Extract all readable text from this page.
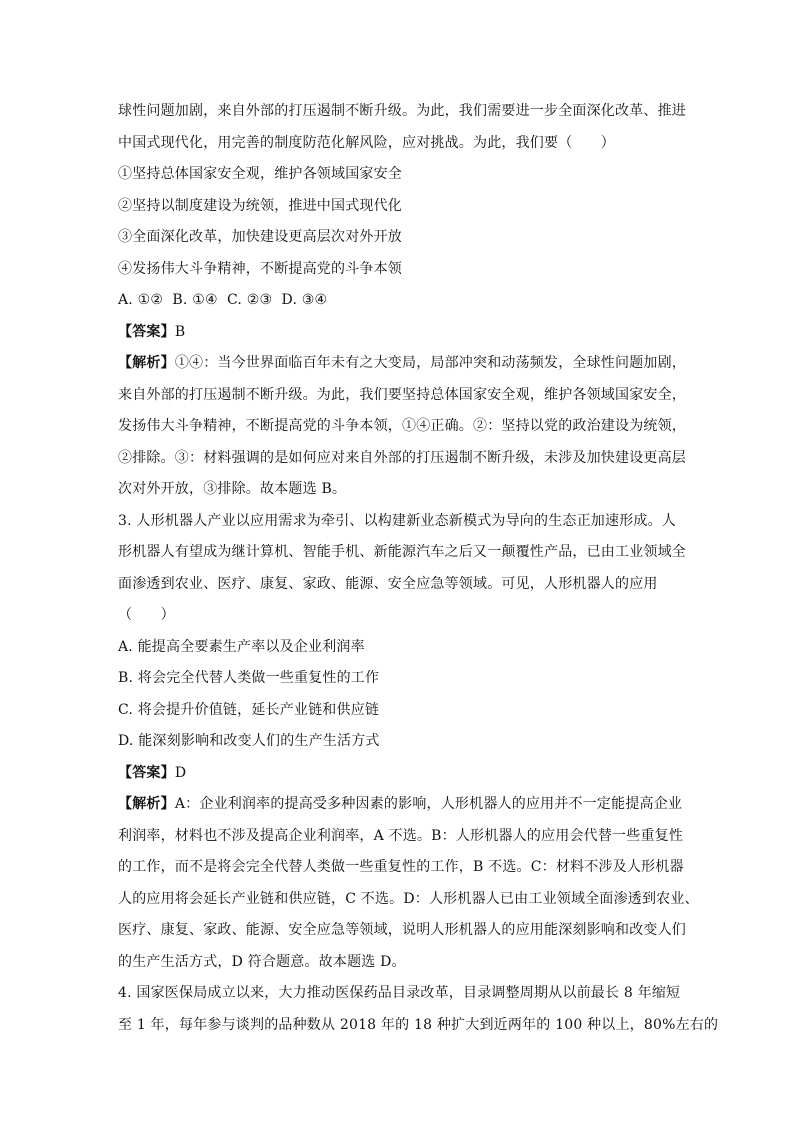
球性问题加剧，来自外部的打压遏制不断升级。为此，我们需要进一步全面深化改革、推进
中国式现代化，用完善的制度防范化解风险，应对挑战。为此，我们要（　　）
①坚持总体国家安全观，维护各领域国家安全
②坚持以制度建设为统领，推进中国式现代化
③全面深化改革，加快建设更高层次对外开放
④发扬伟大斗争精神，不断提高党的斗争本领
A. ①②  B. ①④  C. ②③  D. ③④
【答案】B
【解析】①④：当今世界面临百年未有之大变局，局部冲突和动荡频发，全球性问题加剧，
来自外部的打压遏制不断升级。为此，我们要坚持总体国家安全观，维护各领域国家安全，
发扬伟大斗争精神，不断提高党的斗争本领，①④正确。②：坚持以党的政治建设为统领，
②排除。③：材料强调的是如何应对来自外部的打压遏制不断升级，未涉及加快建设更高层
次对外开放，③排除。故本题选 B。
3. 人形机器人产业以应用需求为牵引、以构建新业态新模式为导向的生态正加速形成。人
形机器人有望成为继计算机、智能手机、新能源汽车之后又一颠覆性产品，已由工业领域全
面渗透到农业、医疗、康复、家政、能源、安全应急等领域。可见，人形机器人的应用
（　　）
A. 能提高全要素生产率以及企业利润率
B. 将会完全代替人类做一些重复性的工作
C. 将会提升价值链，延长产业链和供应链
D. 能深刻影响和改变人们的生产生活方式
【答案】D
【解析】A：企业利润率的提高受多种因素的影响，人形机器人的应用并不一定能提高企业
利润率，材料也不涉及提高企业利润率，A 不选。B：人形机器人的应用会代替一些重复性
的工作，而不是将会完全代替人类做一些重复性的工作，B 不选。C：材料不涉及人形机器
人的应用将会延长产业链和供应链，C 不选。D：人形机器人已由工业领域全面渗透到农业、
医疗、康复、家政、能源、安全应急等领域，说明人形机器人的应用能深刻影响和改变人们
的生产生活方式，D 符合题意。故本题选 D。
4. 国家医保局成立以来，大力推动医保药品目录改革，目录调整周期从以前最长 8 年缩短
至 1 年，每年参与谈判的品种数从 2018 年的 18 种扩大到近两年的 100 种以上，80%左右的
